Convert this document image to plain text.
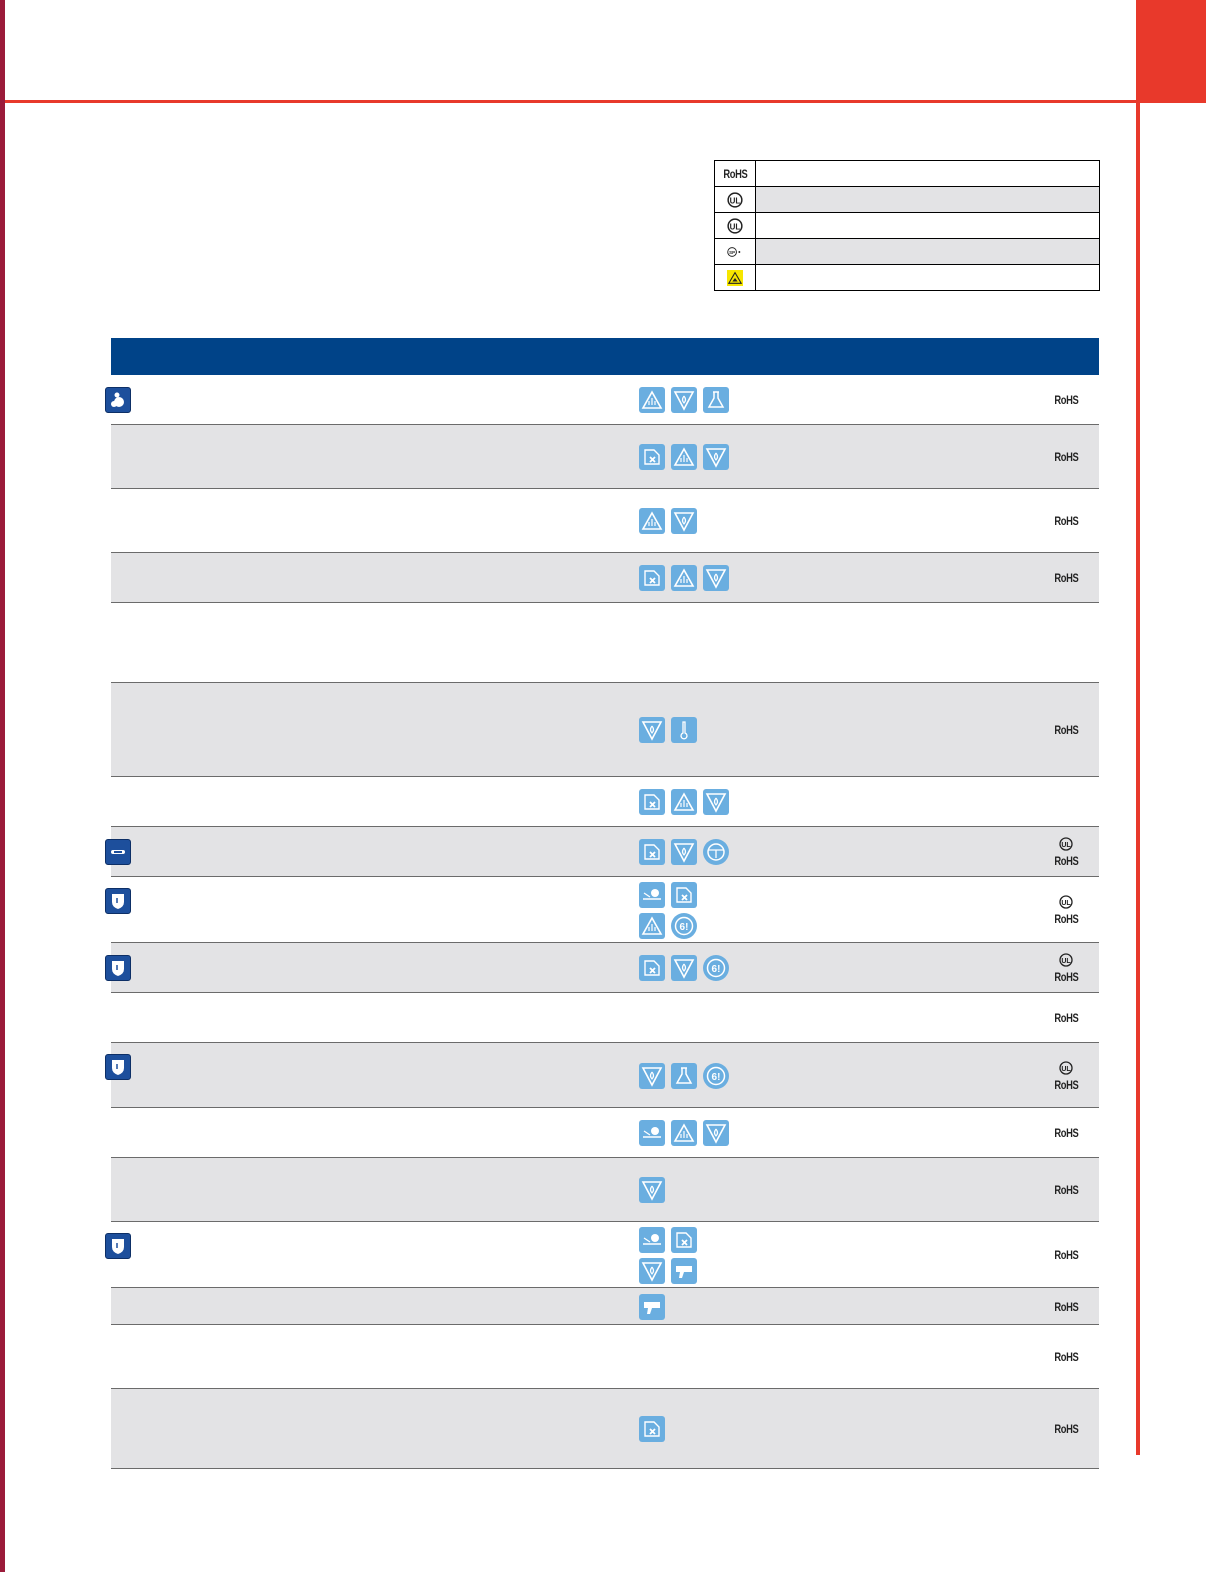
RoHS
UL
UL
SP
RoHS
RoHS
RoHS
RoHS
RoHS
UL
RoHS
6!
UL
RoHS
6!
UL
RoHS
RoHS
6!
UL
RoHS
RoHS
RoHS
RoHS
RoHS
RoHS
RoHS
